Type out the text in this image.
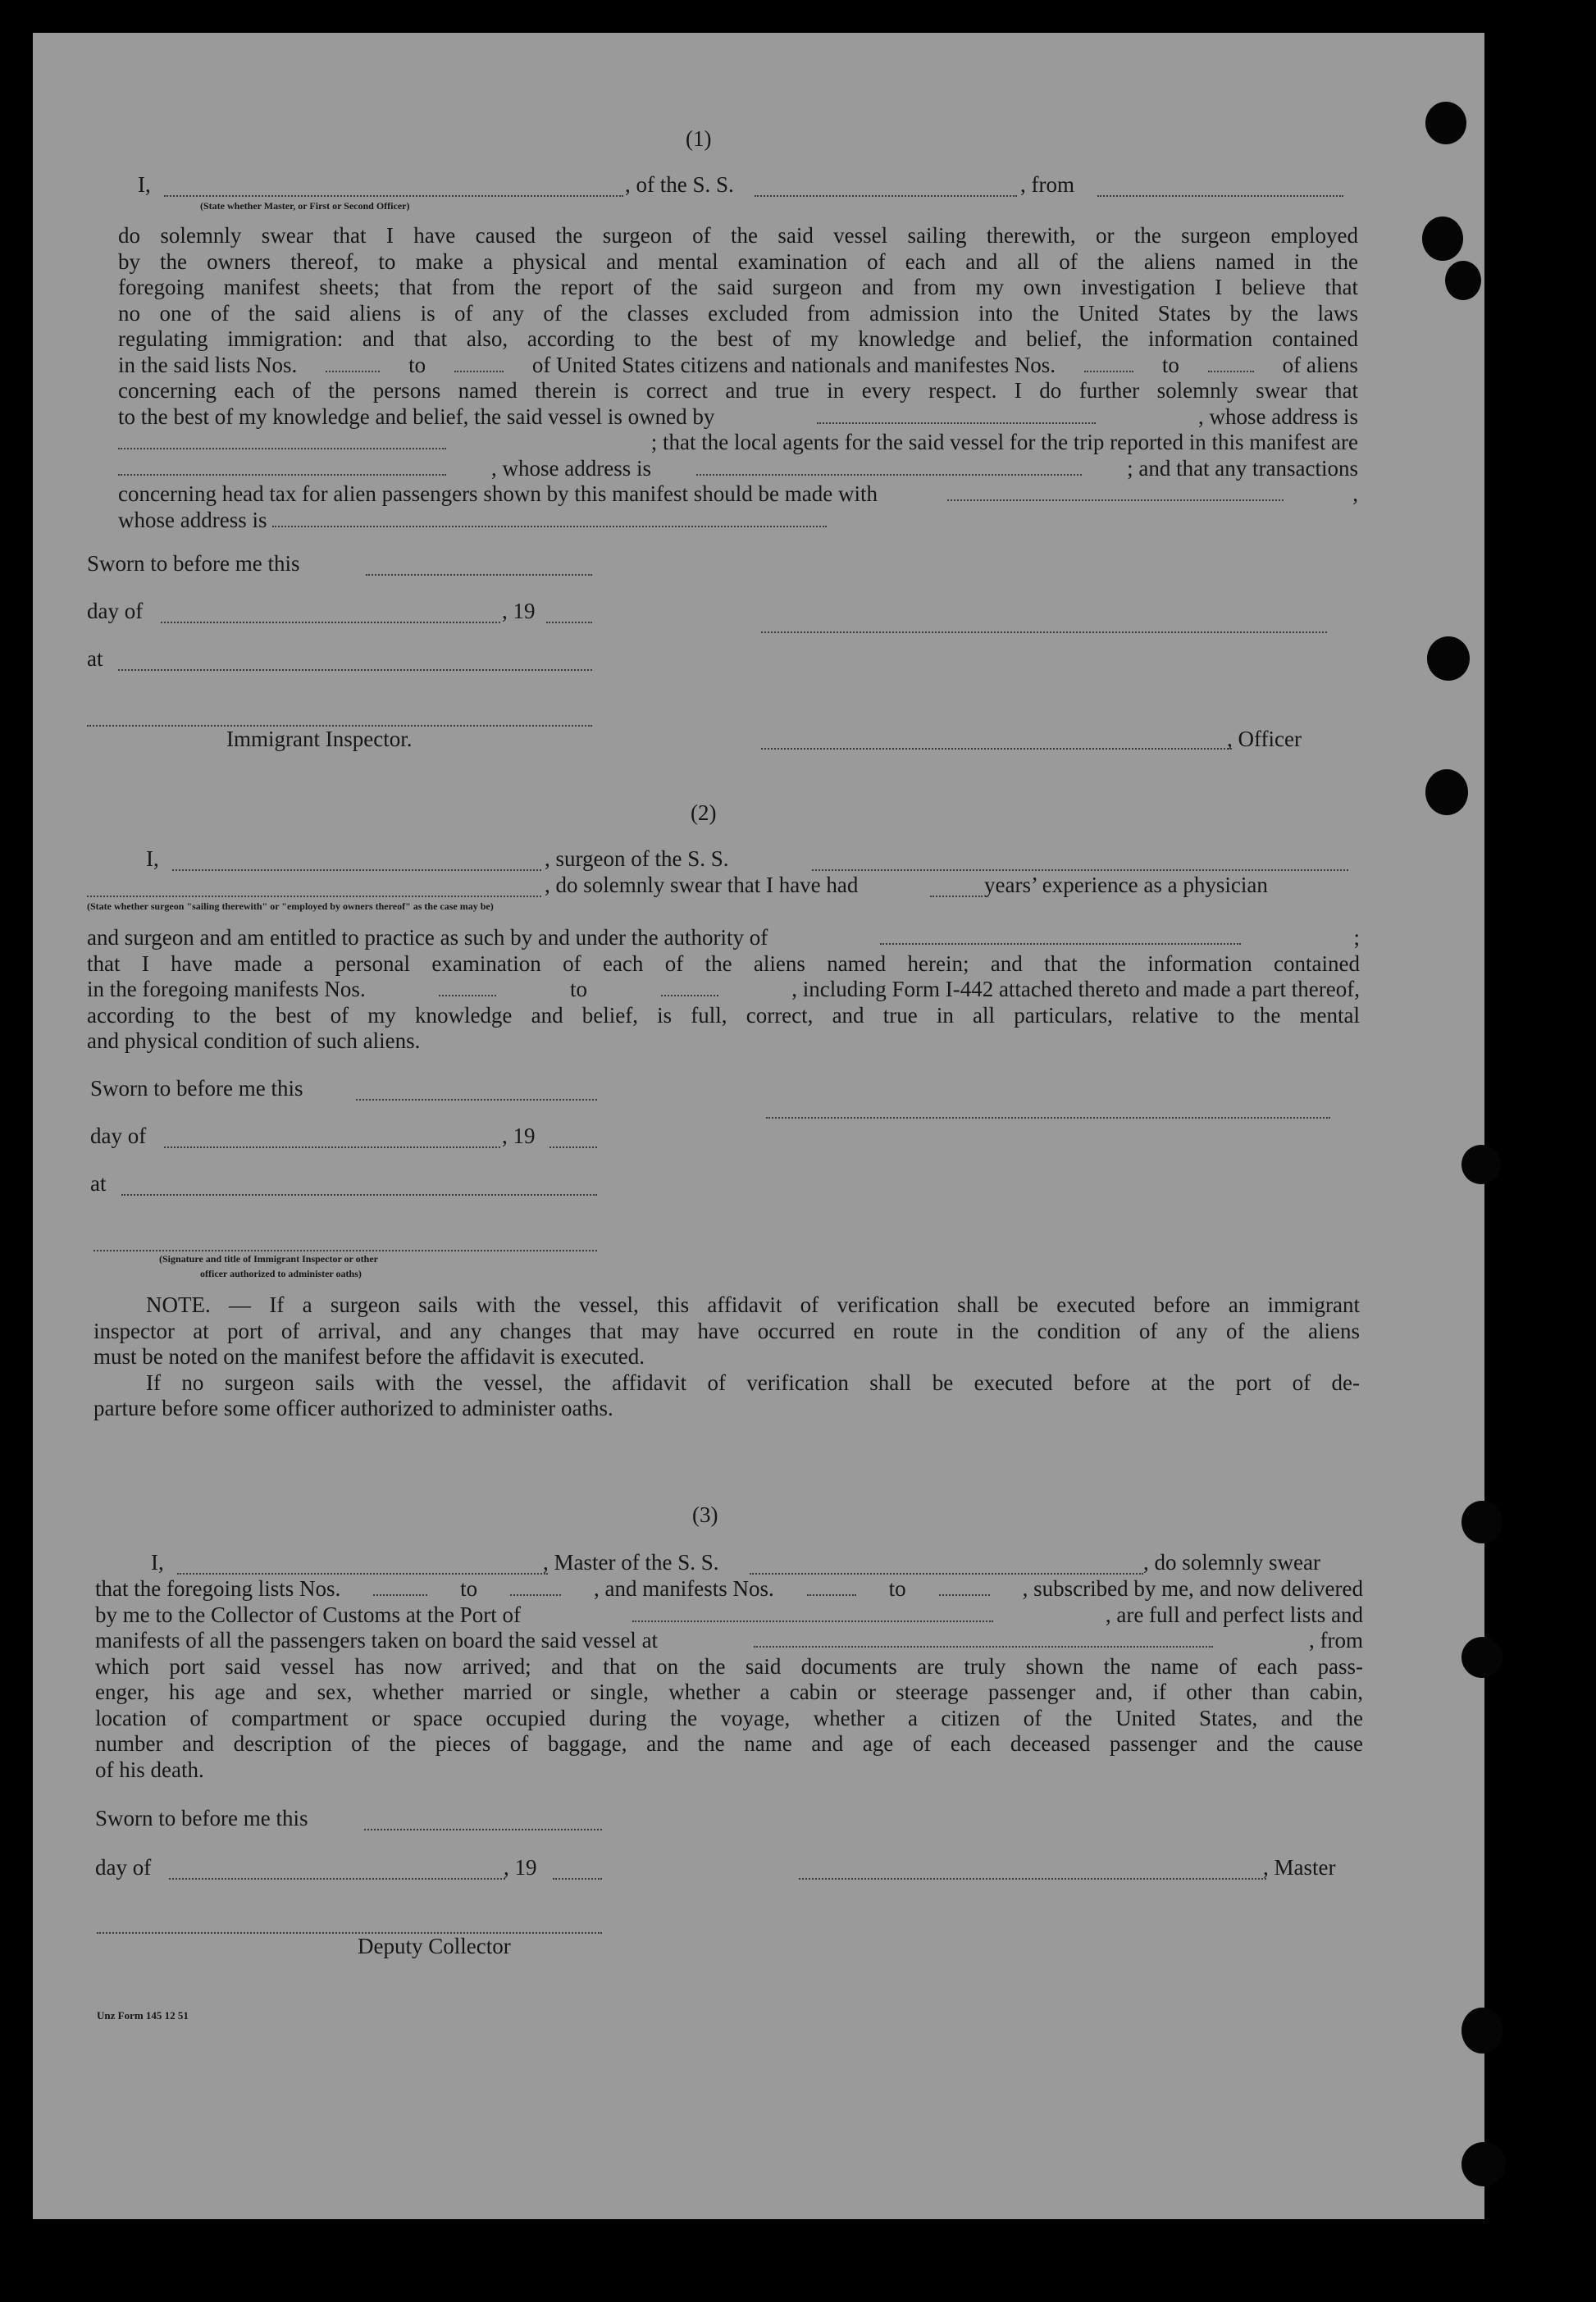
(1)
I,	, of the S. S.	, from
(State whether Master, or First or Second Officer)
do solemnly swear that I have caused the surgeon of the said vessel sailing therewith, or the surgeon employed
by the owners thereof, to make a physical and mental examination of each and all of the aliens named in the
foregoing manifest sheets; that from the report of the said surgeon and from my own investigation I believe that
no one of the said aliens is of any of the classes excluded from admission into the United States by the laws
regulating immigration: and that also, according to the best of my knowledge and belief, the information contained
in the said lists Nos.	to	of United States citizens and nationals and manifestes Nos.	to	of aliens
concerning each of the persons named therein is correct and true in every respect. I do further solemnly swear that
to the best of my knowledge and belief, the said vessel is owned by	, whose address is
; that the local agents for the said vessel for the trip reported in this manifest are
, whose address is	; and that any transactions
concerning head tax for alien passengers shown by this manifest should be made with	,
whose address is
Sworn to before me this
day of	, 19
at
Immigrant Inspector.	, Officer
(2)
I,	, surgeon of the S. S.
, do solemnly swear that I have had	years’ experience as a physician
(State whether surgeon "sailing therewith" or "employed by owners thereof" as the case may be)
and surgeon and am entitled to practice as such by and under the authority of	;
that I have made a personal examination of each of the aliens named herein; and that the information contained
in the foregoing manifests Nos.	to	, including Form I-442 attached thereto and made a part thereof,
according to the best of my knowledge and belief, is full, correct, and true in all particulars, relative to the mental
and physical condition of such aliens.
Sworn to before me this
day of	, 19
at
(Signature and title of Immigrant Inspector or other
officer authorized to administer oaths)
NOTE. — If a surgeon sails with the vessel, this affidavit of verification shall be executed before an immigrant
inspector at port of arrival, and any changes that may have occurred en route in the condition of any of the aliens
must be noted on the manifest before the affidavit is executed.
If no surgeon sails with the vessel, the affidavit of verification shall be executed before at the port of de-
parture before some officer authorized to administer oaths.
(3)
I,	, Master of the S. S.	, do solemnly swear
that the foregoing lists Nos.	to	, and manifests Nos.	to	, subscribed by me, and now delivered
by me to the Collector of Customs at the Port of	, are full and perfect lists and
manifests of all the passengers taken on board the said vessel at	, from
which port said vessel has now arrived; and that on the said documents are truly shown the name of each pass-
enger, his age and sex, whether married or single, whether a cabin or steerage passenger and, if other than cabin,
location of compartment or space occupied during the voyage, whether a citizen of the United States, and the
number and description of the pieces of baggage, and the name and age of each deceased passenger and the cause
of his death.
Sworn to before me this
day of	, 19	, Master
Deputy Collector
Unz Form 145 12 51
